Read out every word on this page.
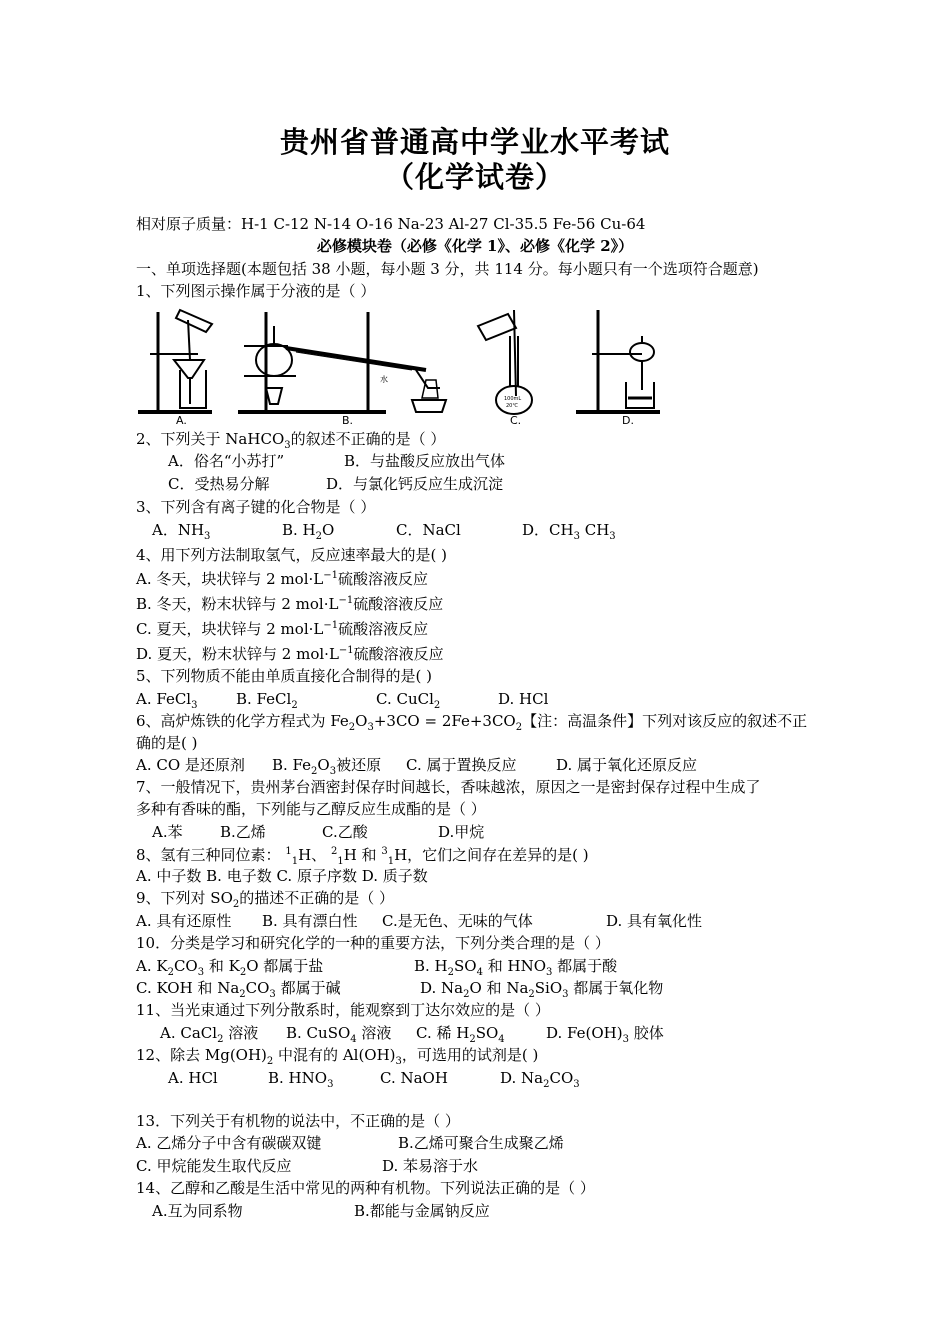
贵州省普通高中学业水平考试
（化学试卷）
相对原子质量：H-1 C-12 N-14 O-16 Na-23 Al-27 Cl-35.5 Fe-56 Cu-64
必修模块卷（必修《化学 1》、必修《化学 2》）
一、单项选择题(本题包括 38 小题，每小题 3 分，共 114 分。每小题只有一个选项符合题意)
1、下列图示操作属于分液的是（ ）
A.	B.	C.	D.
水
100mL
20℃
2、下列关于 NaHCO$_3$的叙述不正确的是（ ）
A．俗名“小苏打”	B．与盐酸反应放出气体
C．受热易分解	D．与氯化钙反应生成沉淀
3、下列含有离子键的化合物是（ ）
A．$NH_3$	B. $H_2O$	C．NaCl	D．$CH_3$ $CH_3$
4、用下列方法制取氢气，反应速率最大的是( )
A. 冬天，块状锌与 2 $mol\cdot L^{-1}$硫酸溶液反应
B. 冬天，粉末状锌与 2 $mol\cdot L^{-1}$硫酸溶液反应
C. 夏天，块状锌与 2 $mol\cdot L^{-1}$硫酸溶液反应
D. 夏天，粉末状锌与 2 $mol\cdot L^{-1}$硫酸溶液反应
5、下列物质不能由单质直接化合制得的是( )
A. FeCl$_3$	B. FeCl$_2$	C. CuCl$_2$	D. HCl
6、高炉炼铁的化学方程式为 $Fe_2O_3+3CO = 2Fe+3CO_2$【注：高温条件】下列对该反应的叙述不正
确的是( )
A. CO 是还原剂 B. $Fe_2O_3$被还原 C. 属于置换反应	D. 属于氧化还原反应
7、一般情况下，贵州茅台酒密封保存时间越长，香味越浓，原因之一是密封保存过程中生成了
多种有香味的酯，下列能与乙醇反应生成酯的是（ ）
A.苯 B.乙烯	C.乙酸	D.甲烷
8、氢有三种同位素： $^1_1$H、 $^2_1$H 和 $^3_1$H，它们之间存在差异的是( )
A. 中子数 B. 电子数 C. 原子序数 D. 质子数
9、下列对 $SO_2$的描述不正确的是（ ）
A. 具有还原性 B. 具有漂白性 C.是无色、无味的气体	D. 具有氧化性
10．分类是学习和研究化学的一种的重要方法，下列分类合理的是（ ）
A. $K_2CO_3$ 和 $K_2O$ 都属于盐	B. $H_2SO_4$ 和 $HNO_3$ 都属于酸
C. KOH 和 $Na_2CO_3$ 都属于碱	D. $Na_2O$ 和 $Na_2SiO_3$ 都属于氧化物
11、当光束通过下列分散系时，能观察到丁达尔效应的是（ ）
A. CaCl$_2$ 溶液 B. CuSO$_4$ 溶液 C. 稀 $H_2SO_4$	D. $Fe(OH)_3$ 胶体
12、除去 $Mg(OH)_2$ 中混有的 $Al(OH)_3$，可选用的试剂是( )
A. HCl	B. $HNO_3$	C. NaOH	D. $Na_2CO_3$
13．下列关于有机物的说法中，不正确的是（ ）
A. 乙烯分子中含有碳碳双键	B.乙烯可聚合生成聚乙烯
C. 甲烷能发生取代反应	D. 苯易溶于水
14、乙醇和乙酸是生活中常见的两种有机物。下列说法正确的是（ ）
A.互为同系物	B.都能与金属钠反应
